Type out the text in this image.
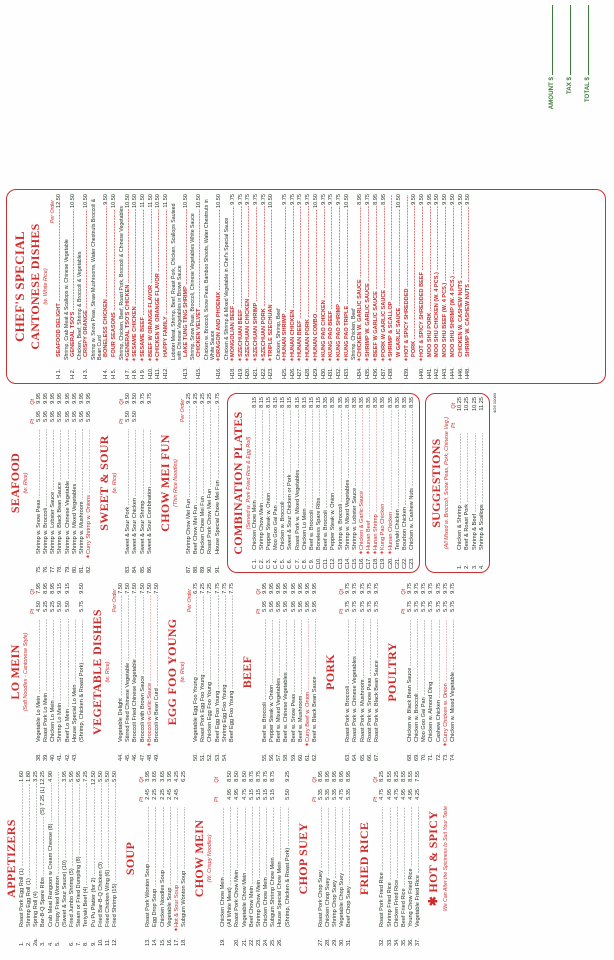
APPETIZERS
1.
Roast Pork Egg Roll (1) .....
1.60
2.
Shrimp Egg Roll (1) .....
1.80
2a.
Spring Roll (4) .....
3.25
3.
Bar-B-Q Spare Ribs .....
(S) 7.25 (L) 12.25
4.
Crab Meat Rangoon w Cream Cheese (8) .....
4.90
5.
Crispy Fried Wonton ..... (Sweet & Sour Sauce) (10) .....
3.95
6.
Fried Jumbo Shrimp (5) .....
5.95
7.
Steam or Fried Dumpling (8) .....
6.95
8.
Teriyaki Beef (4) .....
7.25
9.
Pu Pu Platter (for 2) .....
12.50
10.
Fried Bar-B-Q Chicken (3) .....
5.50
11.
Fried Chicken Wing (6) .....
5.50
12.
Fried Shrimp (15) .....
5.50
SOUP
Pt
Qt
13.
Roast Pork Wonton Soup .....
2.45
3.95
14.
Egg Drop Soup .....
2.25
3.65
15.
Chicken Noodles Soup .....
2.25
3.65
16.
Vegetable Soup .....
2.45
3.95
17.
✶
Hot & Sour Soup .....
2.45
4.25
18.
Subgum Wonton Soup .....
6.25
CHOW MEIN (W. Crispy Noodles)
Pt
Qt
19.
Chicken Chow Mein ..... (All White Meat) .....
4.95
8.50
20.
Roast Pork Chow Mein .....
4.95
8.50
21.
Vegetable Chow Mein .....
4.75
8.50
22.
Beef Chow Mein .....
5.15
8.75
23.
Shrimp Chow Mein .....
5.15
8.75
24.
Chicken Chow Mein .....
5.15
8.75
25.
Subgum Shrimp Chow Mein .....
5.15
8.75
26.
House Special Chow Mein ..... (Shrimp, Chicken & Roast Pork) .....
5.50
9.25
CHOP SUEY
Pt
Qt
27.
Roast Pork Chop Suey .....
5.35
8.95
28.
Chicken Chop Suey .....
5.35
8.95
29.
Shrimp Chop Suey .....
5.35
8.95
30.
Vegetable Chop Suey .....
4.75
8.95
31.
Beef Chop Suey .....
5.35
8.95
FRIED RICE
Pt
Qt
32.
Roast Pork Fried Rice .....
4.75
8.25
33.
Shrimp Fried Rice .....
4.95
8.55
34.
Chicken Fried Rice .....
4.75
8.25
35.
Beef Fried Rice .....
4.95
8.55
36.
Young Chow Fried Rice .....
4.95
8.55
37.
Vegetable Fried Rice .....
4.25
7.55
✱ HOT & SPICY We Can Alter the Spiciness to Suit Your Taste
LO MEIN (Soft Noodles - Cantonese Style)
Pt
Qt
38.
Vegetable Lo Mein .....
4.50
7.95
39.
Roast Pork Lo Mein .....
5.25
8.95
40.
Chicken Lo Mein .....
5.25
8.95
41.
Shrimp Lo Mein .....
5.50
9.15
42.
Beef Lo Mein .....
5.50
9.15
43.
House Special Lo Mein ..... (Shrimp, Chicken & Roast Pork) .....
5.75
9.50
VEGETABLE DISHES (w. Rice)
Per Order
44.
Vegetable Delight .....
7.50
45.
Stirred Fried Chinese Vegetable .....
7.50
46.
Broccoli Fried Chinese Vegetable .....
7.50
47.
Broccoli with Brown Sauce .....
7.50
48.
✶
Broccoli w Garlic Sauce .....
7.50
49.
Broccoli w Bean Curd .....
7.50
EGG FOO YOUNG (w. Rice)
Per Order
50.
Vegetable Egg Foo Young .....
6.75
51.
Roast Pork Egg Foo Young .....
7.25
52.
Chicken Egg Foo Young .....
7.25
53.
Beef Egg Foo Young .....
7.75
54.
Shrimp Egg Foo Young .....
7.75
Beef Egg Foo Young .....
7.75
BEEF
Pt
Qt
55.
Beef w. Broccoli .....
5.95
9.95
56.
Pepper Steak w. Onion .....
5.95
9.95
57.
Beef w. Mixed Vegetables .....
5.95
9.95
58.
Beef w. Chinese Vegetables .....
5.95
9.95
59.
Beef w. Snow Peas .....
5.95
9.95
60.
Beef w. Mushroom .....
5.95
9.95
61.
✶
Curry Beef w. Onion .....
5.95
9.95
62.
Beef w. Black Bean Sauce .....
5.95
9.95
PORK
Pt
Qt
63.
Roast Pork w. Broccoli .....
5.75
9.75
64.
Roast Pork w. Chinese Vegetables .....
5.75
9.75
65.
Roast Pork w. Mushroom .....
5.75
9.75
66.
Roast Pork w. Snow Peas .....
5.75
9.75
67.
Roast Pork w. Black Bean Sauce .....
5.75
9.75
POULTRY
Pt
Qt
68.
Chicken w. Black Bean Sauce .....
5.75
9.75
69.
Chicken w. Broccoli .....
5.75
9.75
70.
Moo Goo Gai Pan .....
5.75
9.75
71.
Chicken w. Almond Ding .....
5.75
9.75
72.
Cashew Chicken .....
5.75
9.75
73.
✶
Curry Chicken w. Onion .....
5.75
9.75
74.
Chicken w. Mixed Vegetable .....
5.75
9.75
SEAFOOD (w. Rice)
Pt
Qt
75.
Shrimp w. Snow Peas .....
5.95
9.95
76.
Shrimp w. Broccoli .....
5.95
9.95
77.
Shrimp w. Lobster Sauce .....
5.95
9.95
78.
Shrimp w. Black Bean Sauce .....
5.95
9.95
79.
Shrimp w. Chinese Vegetable .....
5.95
9.95
80.
Shrimp w. Mixed Vegetables .....
5.95
9.95
81.
Shrimp w. Mushroom .....
5.95
9.95
82.
✶
Curry Shrimp w. Onions .....
5.95
9.95
SWEET & SOUR (w. Rice)
Pt
Qt
83.
Sweet & Sour Pork .....
5.50
9.50
84.
Sweet & Sour Chicken .....
5.50
9.50
85.
Sweet & Sour Shrimp .....
9.75
86.
Sweet & Sour Combination .....
9.75
CHOW MEI FUN (Thin Rice Noodles)
Per Order
87.
Shrimp Chow Mei Fun .....
9.25
88.
Beef Chow Mei Fun .....
9.25
89.
Chicken Chow Mei Fun .....
9.25
90.
Roast Pork Chow Mei Fun .....
9.25
91.
House Special Chow Mei Fun .....
9.75
COMBINATION PLATES (Served w. Pork Fried Rice & Egg Roll)
C 1.
Chicken Chow Mein .....
8.15
C 2.
Shrimp Chow Mein .....
8.15
C 3.
Pepper Steak w. Onion .....
8.15
C 4.
Moo Goo Gai Pan .....
8.15
C 5.
Chicken w. Broccoli .....
8.15
C 6.
Sweet & Sour Chicken or Pork .....
8.15
C 7.
Roast Pork w. Mixed Vegetables .....
8.15
C 8.
Chicken Lo Mein .....
8.15
C 9.
Beef w. Broccoli .....
8.15
C10.
Boneless Spare Ribs .....
8.15
C11.
Beef w. Broccoli .....
8.35
C12.
Pepper Steak w. Onion .....
8.35
C13.
Shrimp w. Broccoli .....
8.35
C14.
Shrimp w. Mixed Vegetables .....
8.35
C15.
Shrimp w. Lobster Sauce .....
8.35
C16.
✶
Chicken & Garlic Sauce .....
8.35
C17.
✶
Hunan Beef .....
8.35
C18.
✶
Hunan Shrimp .....
8.35
C19.
✶
Kung Pao Chicken .....
8.35
C20.
✶
Hunan Chicken .....
8.35
C21.
Teriyaki Chicken .....
8.35
C22.
Bourbon Chicken .....
8.35
C23.
Chicken w. Cashew Nuts .....
8.35
SUGGESTIONS (All Mixed w. Broccoli, Snow Peas, Pork, Chinese Veg.) Pt
Qt
1.
Chicken & Shrimp .....
10.25
2.
Beef & Roast Pork .....
10.25
3.
Shrimp & Beef .....
10.25
4.
Shrimp & Scallops .....
11.25 4/26 10080
CHEF'S SPECIAL CANTONESE DISHES (w. White Rice)
Per Order
H 1.
SEAFOOD DELIGHT .....
12.50
Shrimp, Crab Meat & Scallops w. Chinese Vegetable
H 2.
GENERAL TSO'S .....
10.50
Chicken, Beef, Shrimp & Broccoli & Vegetables
H 3.
CRISPY ORANGE .....
10.50 Shrimp w. Snow Peas, Straw Mushrooms, Water Chestnuts Broccoli & Bean Curd
H 4.
BONELESS CHICKEN .....
9.50
H 5.
FOUR SEASONS .....
10.50
Shrimp, Chicken, Beef, Roast Pork, Broccoli & Chinese Vegetables
H 7.
✶
GENERAL TSO'S CHICKEN .....
10.50
H 8.
✶
SESAME CHICKEN .....
10.50
H 9.
✶
SESAME BEEF .....
11.50
H10.
✶
BEEF W ORANGE FLAVOR .....
11.50
H11.
✶
CHICKEN W. ORANGE FLAVOR .....
10.50
H12.
HAPPY FAMILY .....
11.50
Lobster Meat, Shrimp, Beef, Roast Pork, Chicken, Scallops Sauteed with Chinese Vegetables in Brown Sauce
H13.
LAKE TUNG TING SHRIMP .....
10.50
Shrimp, Snow Peas, Broccoli, Chinese Vegetables White Sauce
H15.
CHICKEN VELVET .....
10.50 Chicken w. Broccoli, Snow Peas, Bamboo Shoots, Water Chestnuts in White Sauce
H16.
✶
DRAGON AND PHOENIX .....
10.50
Chicken & Shrimp & Mixed Vegetable in Chef's Special Sauce
H18.
✶
MONGOLIAN BEEF .....
9.75
H19.
✶
SZECHUAN BEEF .....
9.75
H20.
✶
SZECHUAN CHICKEN .....
9.75
H21.
✶
SZECHUAN SHRIMP .....
9.75
H22.
✶
SZECHUAN PORK .....
9.75
H23.
✶
TRIPLE SZECHUAN .....
10.50
Chicken, Shrimp, Beef
H25.
✶
HUNAN SHRIMP .....
9.75
H26.
✶
HUNAN CHICKEN .....
9.75
H27.
✶
HUNAN BEEF .....
9.75
H28.
✶
HUNAN PORK .....
9.75
H29.
✶
HUNAN COMBO .....
10.50
H30.
✶
KUNG PAO CHICKEN .....
9.75
H31.
✶
KUNG PAO BEEF .....
9.75
H32.
✶
KUNG PAO SHRIMP .....
9.75
H33.
✶
KUNG PAO TRIPLE .....
10.50
Shrimp, Chicken, Beef
H34.
✶
CHICKEN W. GARLIC SAUCE .....
8.95
H35.
✶
SHRIMP W. GARLIC SAUCE .....
9.75
H36.
✶
BEEF W GARLIC SAUCE .....
8.95
H37.
✶
PORK W GARLIC SAUCE .....
8.95
H38.
✶
SHRIMP & SCALLOP ..... W GARLIC SAUCE .....
10.50
H39.
✶
HOT & SPICY SHREDDED ..... PORK .....
9.50
H40.
✶
HOT & SPICY SHREDDED BEEF .....
9.50
H41.
MOO SHU PORK .....
9.95
H42.
MOO SHU CHICKEN (W. 4 PCS.) .....
9.50
H43.
MOO SHU BEEF (W. 4 PCS.) .....
9.50
H44.
MOO SHU SHRIMP (W. 4 PCS.) .....
9.50
H46.
CHICKEN W. CASHEW NUTS .....
9.50
H48.
SHRIMP W. CASHEW NUTS .....
9.50
AMOUNT $ TAX $ TOTAL $
